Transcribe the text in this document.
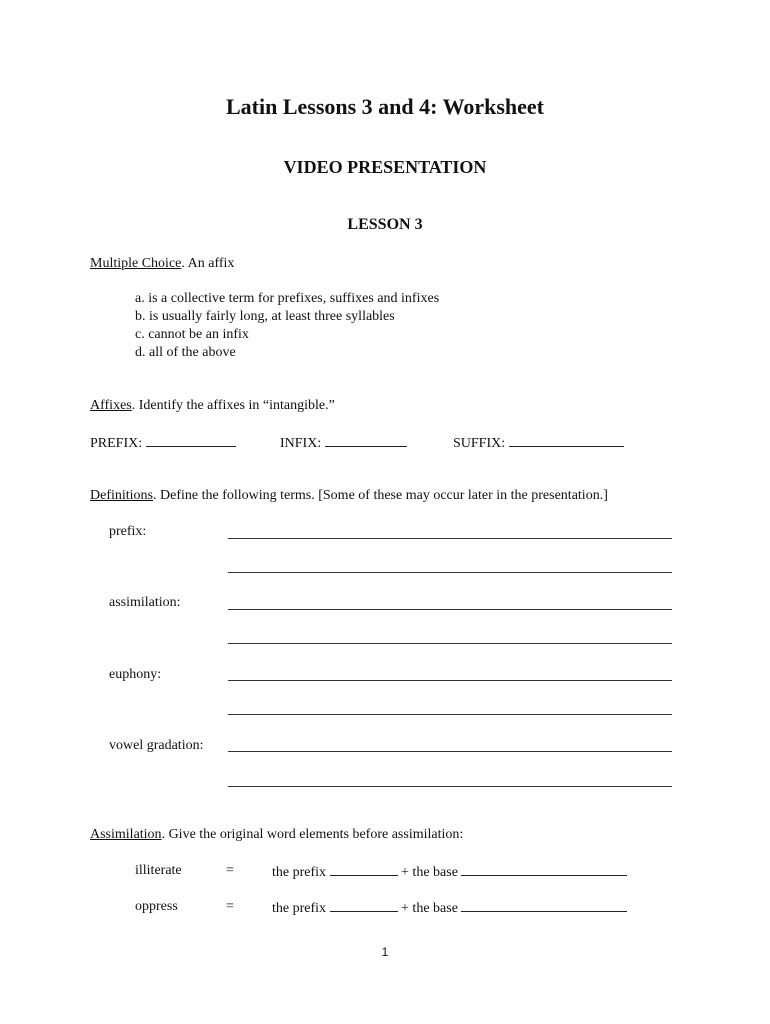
Latin Lessons 3 and 4: Worksheet
VIDEO PRESENTATION
LESSON 3
Multiple Choice. An affix
a. is a collective term for prefixes, suffixes and infixes
b. is usually fairly long, at least three syllables
c. cannot be an infix
d. all of the above
Affixes. Identify the affixes in “intangible.”
PREFIX:	INFIX:	SUFFIX:
Definitions. Define the following terms. [Some of these may occur later in the presentation.]
prefix:
assimilation:
euphony:
vowel gradation:
Assimilation. Give the original word elements before assimilation:
illiterate	=	the prefix	+ the base
oppress	=	the prefix	+ the base
1
